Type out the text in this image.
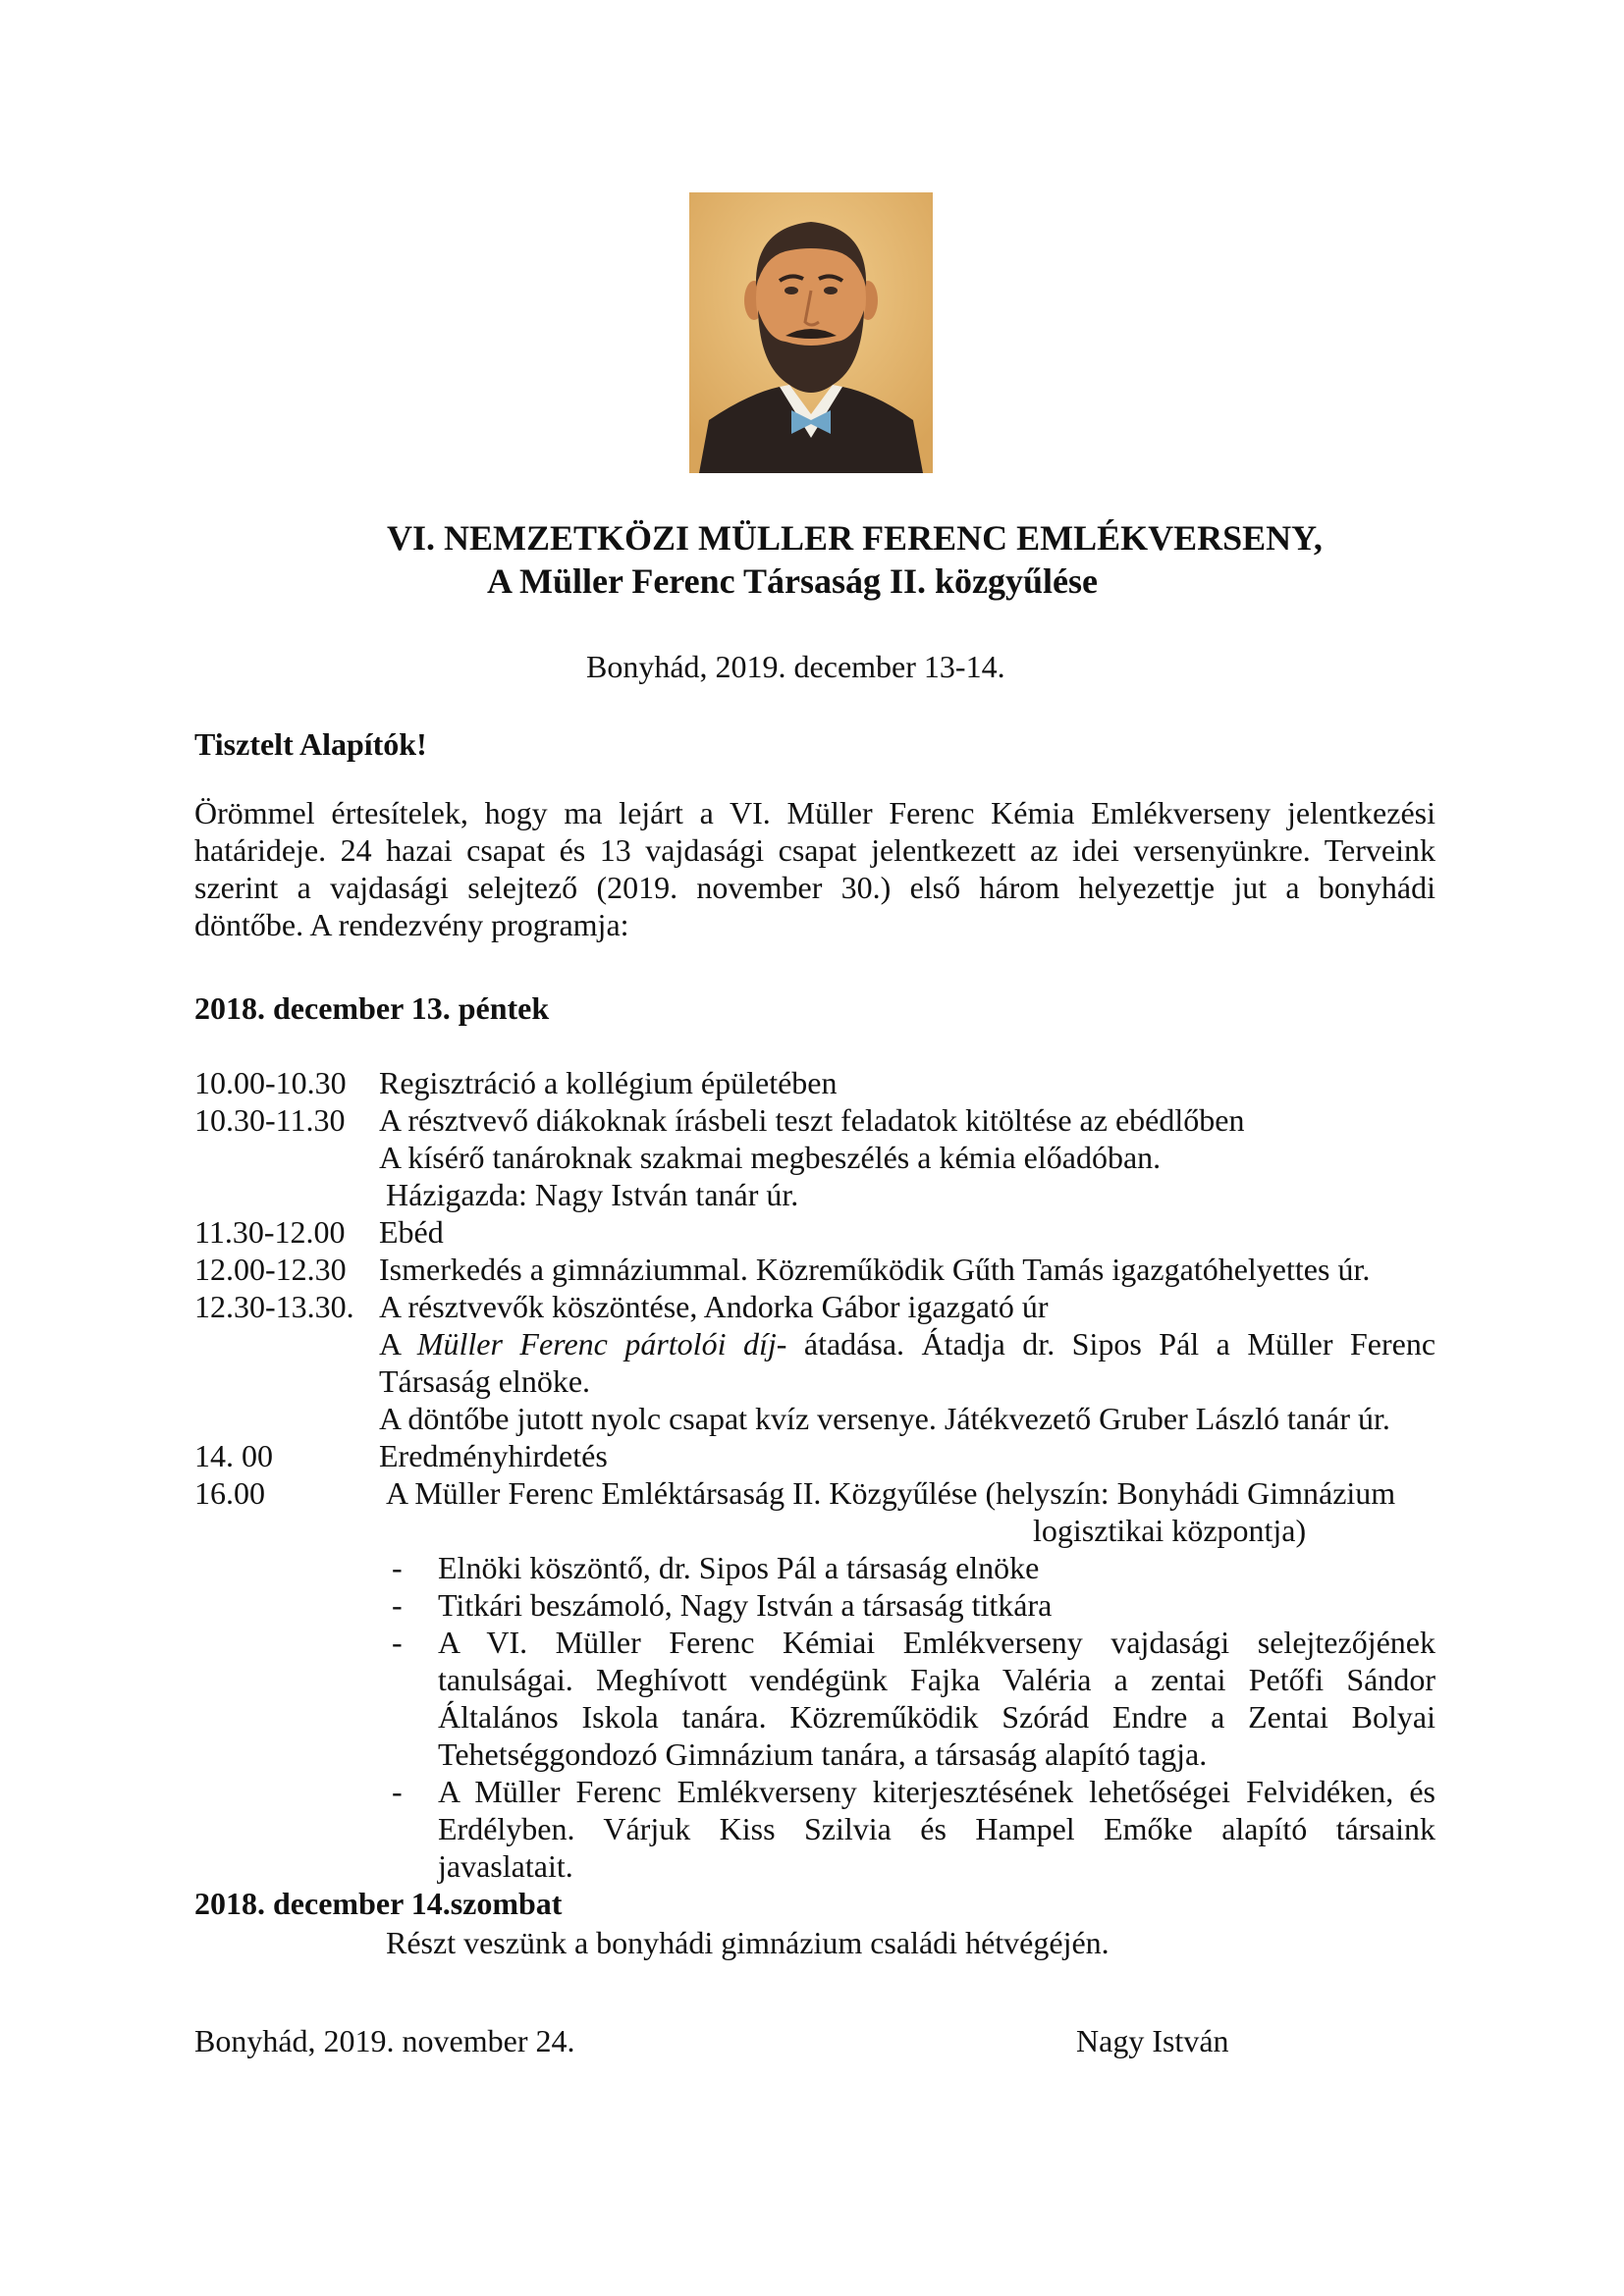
VI. NEMZETKÖZI MÜLLER FERENC EMLÉKVERSENY,
A Müller Ferenc Társaság II. közgyűlése
Bonyhád, 2019. december 13-14.
Tisztelt Alapítók!
Örömmel értesítelek, hogy ma lejárt a VI. Müller Ferenc Kémia Emlékverseny jelentkezési
határideje. 24 hazai csapat és 13 vajdasági csapat jelentkezett az idei versenyünkre. Terveink
szerint a vajdasági selejtező (2019. november 30.) első három helyezettje jut a bonyhádi
döntőbe. A rendezvény programja:
2018. december 13. péntek
10.00-10.30 Regisztráció a kollégium épületében
10.30-11.30 A résztvevő diákoknak írásbeli teszt feladatok kitöltése az ebédlőben
A kísérő tanároknak szakmai megbeszélés a kémia előadóban.
Házigazda: Nagy István tanár úr.
11.30-12.00 Ebéd
12.00-12.30 Ismerkedés a gimnáziummal. Közreműködik Gűth Tamás igazgatóhelyettes úr.
12.30-13.30. A résztvevők köszöntése, Andorka Gábor igazgató úr
A Müller Ferenc pártolói díj- átadása. Átadja dr. Sipos Pál a Müller Ferenc
Társaság elnöke.
A döntőbe jutott nyolc csapat kvíz versenye. Játékvezető Gruber László tanár úr.
14. 00	Eredményhirdetés
16.00	A Müller Ferenc Emléktársaság II. Közgyűlése (helyszín: Bonyhádi Gimnázium
logisztikai központja)
- Elnöki köszöntő, dr. Sipos Pál a társaság elnöke
- Titkári beszámoló, Nagy István a társaság titkára
- A VI. Müller Ferenc Kémiai Emlékverseny vajdasági selejtezőjének
tanulságai. Meghívott vendégünk Fajka Valéria a zentai Petőfi Sándor
Általános Iskola tanára. Közreműködik Szórád Endre a Zentai Bolyai
Tehetséggondozó Gimnázium tanára, a társaság alapító tagja.
- A Müller Ferenc Emlékverseny kiterjesztésének lehetőségei Felvidéken, és
Erdélyben. Várjuk Kiss Szilvia és Hampel Emőke alapító társaink
javaslatait.
2018. december 14.szombat
Részt veszünk a bonyhádi gimnázium családi hétvégéjén.
Bonyhád, 2019. november 24.	Nagy István
